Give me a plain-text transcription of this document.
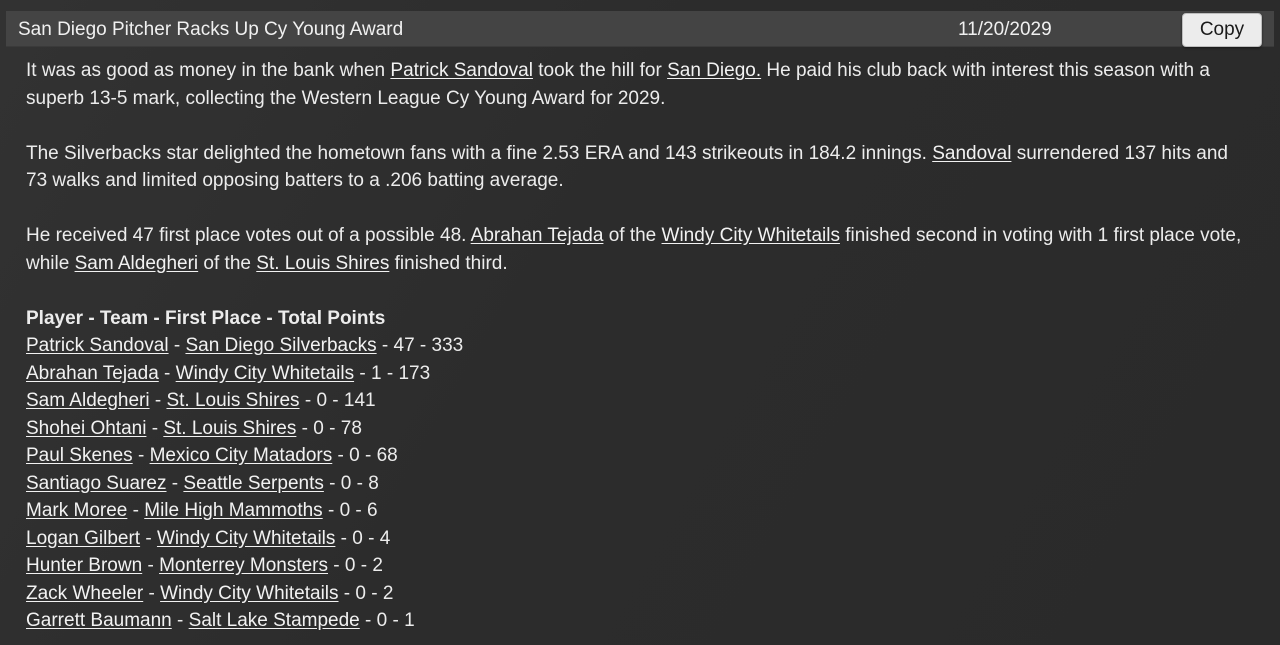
San Diego Pitcher Racks Up Cy Young Award	11/20/2029	Copy

It was as good as money in the bank when Patrick Sandoval took the hill for San Diego. He paid his club back with interest this season with a superb 13-5 mark, collecting the Western League Cy Young Award for 2029.

The Silverbacks star delighted the hometown fans with a fine 2.53 ERA and 143 strikeouts in 184.2 innings. Sandoval surrendered 137 hits and 73 walks and limited opposing batters to a .206 batting average.

He received 47 first place votes out of a possible 48. Abrahan Tejada of the Windy City Whitetails finished second in voting with 1 first place vote, while Sam Aldegheri of the St. Louis Shires finished third.

Player - Team - First Place - Total Points
Patrick Sandoval - San Diego Silverbacks - 47 - 333
Abrahan Tejada - Windy City Whitetails - 1 - 173
Sam Aldegheri - St. Louis Shires - 0 - 141
Shohei Ohtani - St. Louis Shires - 0 - 78
Paul Skenes - Mexico City Matadors - 0 - 68
Santiago Suarez - Seattle Serpents - 0 - 8
Mark Moree - Mile High Mammoths - 0 - 6
Logan Gilbert - Windy City Whitetails - 0 - 4
Hunter Brown - Monterrey Monsters - 0 - 2
Zack Wheeler - Windy City Whitetails - 0 - 2
Garrett Baumann - Salt Lake Stampede - 0 - 1
